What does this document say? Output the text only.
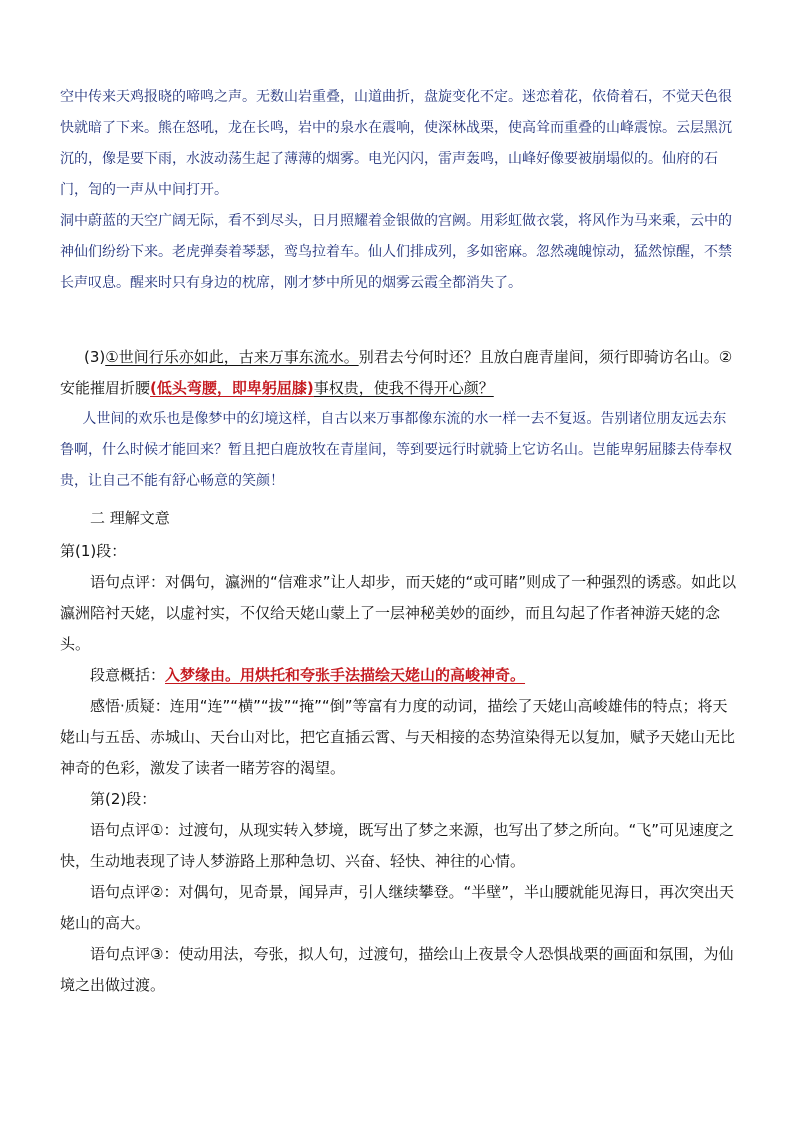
空中传来天鸡报晓的啼鸣之声。无数山岩重叠，山道曲折，盘旋变化不定。迷恋着花，依倚着石，不觉天色很快就暗了下来。熊在怒吼，龙在长鸣，岩中的泉水在震响，使深林战栗，使高耸而重叠的山峰震惊。云层黑沉沉的，像是要下雨，水波动荡生起了薄薄的烟雾。电光闪闪，雷声轰鸣，山峰好像要被崩塌似的。仙府的石门，訇的一声从中间打开。

洞中蔚蓝的天空广阔无际，看不到尽头，日月照耀着金银做的宫阙。用彩虹做衣裳，将风作为马来乘，云中的神仙们纷纷下来。老虎弹奏着琴瑟，鸾鸟拉着车。仙人们排成列，多如密麻。忽然魂魄惊动，猛然惊醒，不禁长声叹息。醒来时只有身边的枕席，刚才梦中所见的烟雾云霞全都消失了。

(3)①世间行乐亦如此，古来万事东流水。别君去兮何时还？且放白鹿青崖间，须行即骑访名山。②安能摧眉折腰(低头弯腰，即卑躬屈膝)事权贵，使我不得开心颜？

人世间的欢乐也是像梦中的幻境这样，自古以来万事都像东流的水一样一去不复返。告别诸位朋友远去东鲁啊，什么时候才能回来？暂且把白鹿放牧在青崖间，等到要远行时就骑上它访名山。岂能卑躬屈膝去侍奉权贵，让自己不能有舒心畅意的笑颜！

二 理解文意

第(1)段：

语句点评：对偶句，瀛洲的“信难求”让人却步，而天姥的“或可睹”则成了一种强烈的诱惑。如此以瀛洲陪衬天姥，以虚衬实，不仅给天姥山蒙上了一层神秘美妙的面纱，而且勾起了作者神游天姥的念头。

段意概括：入梦缘由。用烘托和夸张手法描绘天姥山的高峻神奇。

感悟·质疑：连用“连”“横”“拔”“掩”“倒”等富有力度的动词，描绘了天姥山高峻雄伟的特点；将天姥山与五岳、赤城山、天台山对比，把它直插云霄、与天相接的态势渲染得无以复加，赋予天姥山无比神奇的色彩，激发了读者一睹芳容的渴望。

第(2)段：

语句点评①：过渡句，从现实转入梦境，既写出了梦之来源，也写出了梦之所向。“飞”可见速度之快，生动地表现了诗人梦游路上那种急切、兴奋、轻快、神往的心情。

语句点评②：对偶句，见奇景，闻异声，引人继续攀登。“半壁”，半山腰就能见海日，再次突出天姥山的高大。

语句点评③：使动用法，夸张，拟人句，过渡句，描绘山上夜景令人恐惧战栗的画面和氛围，为仙境之出做过渡。
